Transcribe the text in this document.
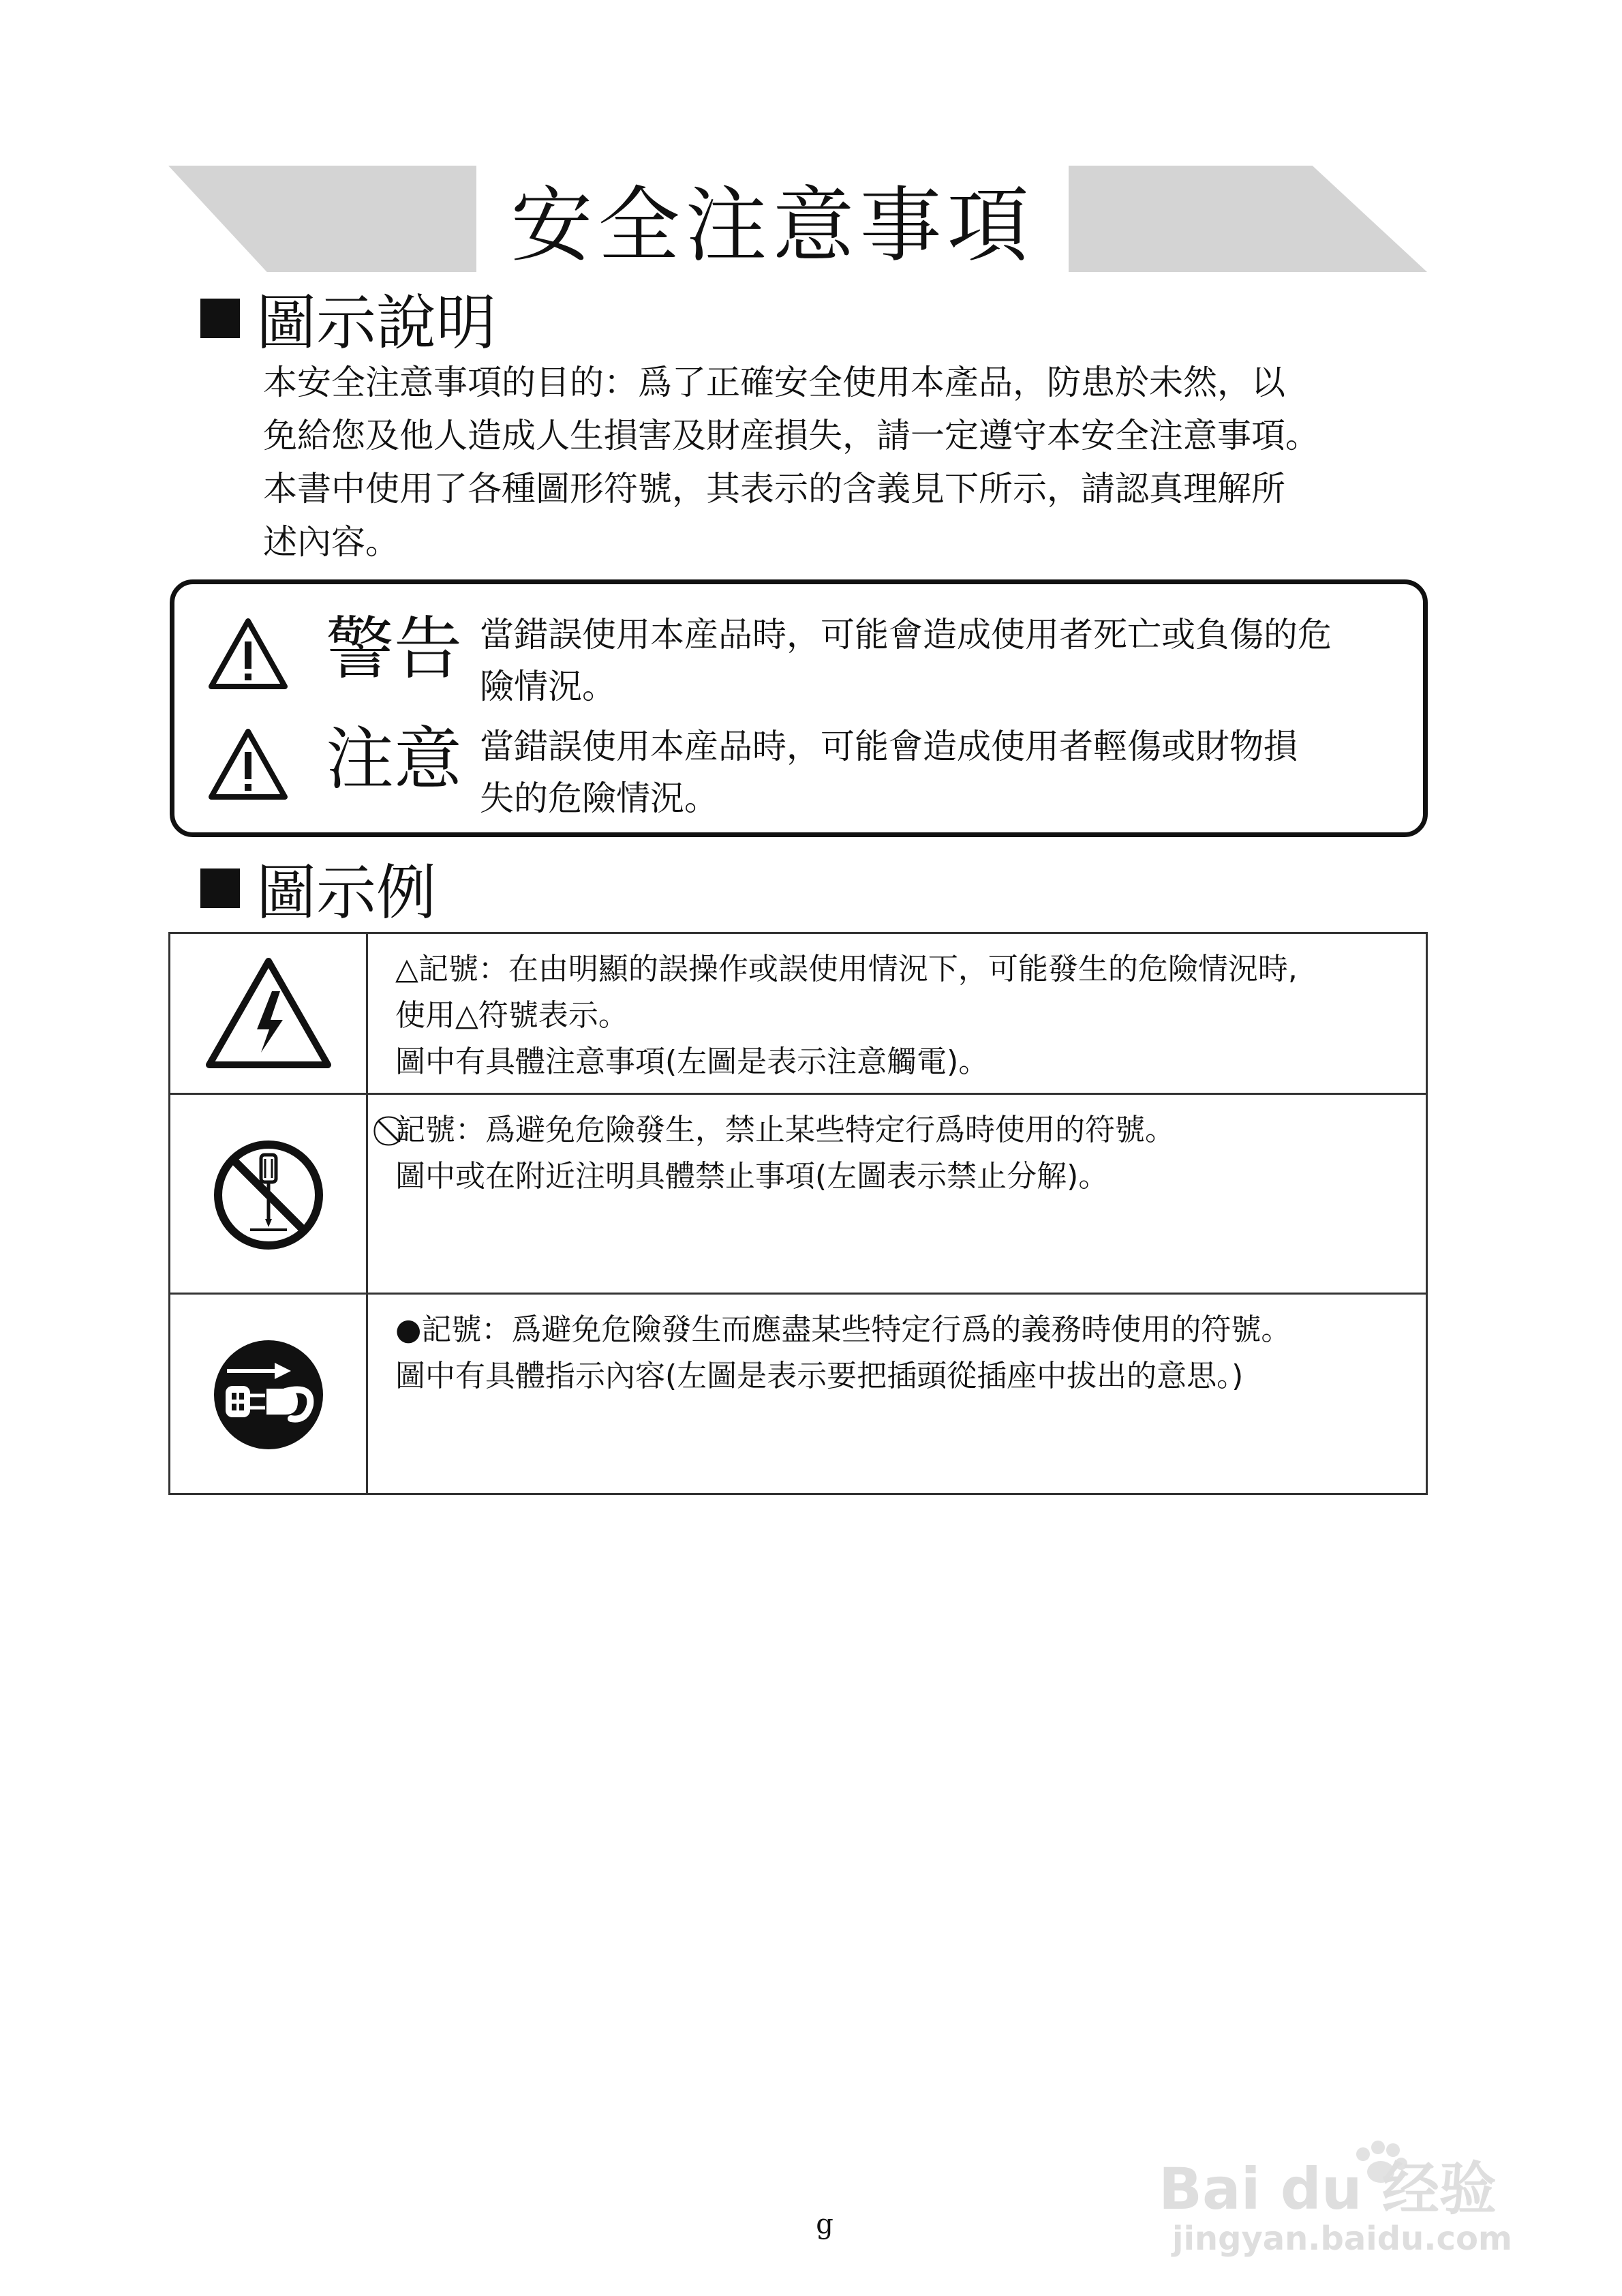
安全注意事項
圖示說明

本安全注意事項的目的：爲了正確安全使用本產品，防患於未然，以

免給您及他人造成人生損害及財産損失，請一定遵守本安全注意事項。

本書中使用了各種圖形符號，其表示的含義見下所示，請認真理解所

述內容。

警告 當錯誤使用本産品時，可能會造成使用者死亡或負傷的危

險情況。

注意 當錯誤使用本産品時，可能會造成使用者輕傷或財物損

失的危險情況。

圖示例

△記號：在由明顯的誤操作或誤使用情況下，可能發生的危險情況時,

使用△符號表示。

圖中有具體注意事項(左圖是表示注意觸電)。

⃠記號：爲避免危險發生，禁止某些特定行爲時使用的符號。

圖中或在附近注明具體禁止事項(左圖表示禁止分解)。

●記號：爲避免危險發生而應盡某些特定行爲的義務時使用的符號。

圖中有具體指示內容(左圖是表示要把插頭從插座中拔出的意思。)

g
Bai du 经验
jingyan.baidu.com
